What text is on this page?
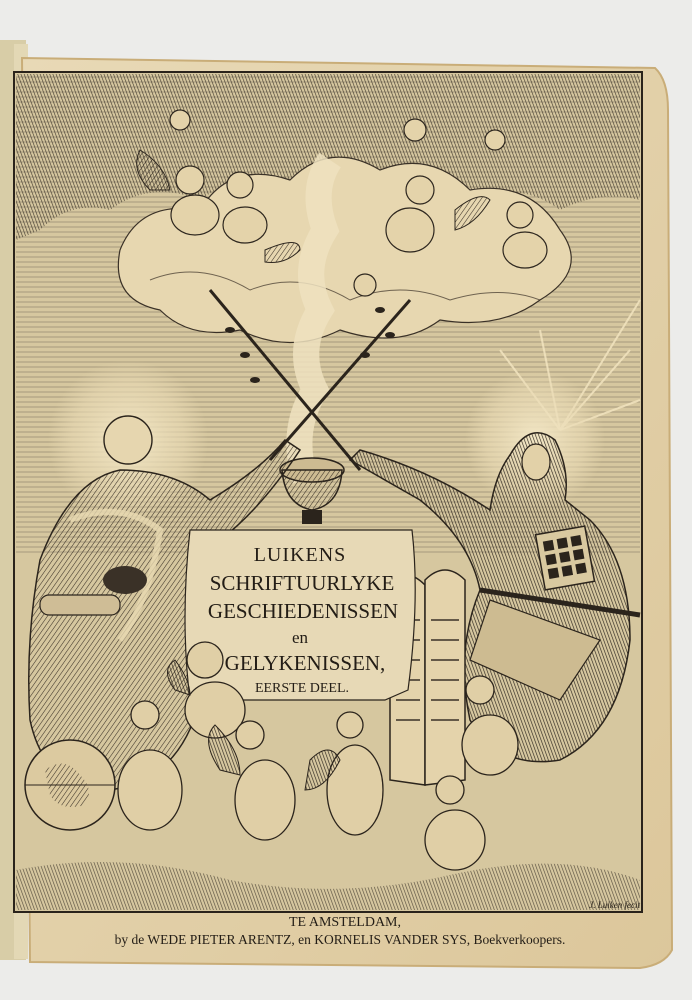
LUIKENS
SCHRIFTUURLYKE
GESCHIEDENISSEN
en
GELYKENISSEN,
EERSTE DEEL.
J. Luiken fecit
TE AMSTELDAM,
by de WEDE PIETER ARENTZ, en KORNELIS VANDER SYS, Boekverkoopers.
